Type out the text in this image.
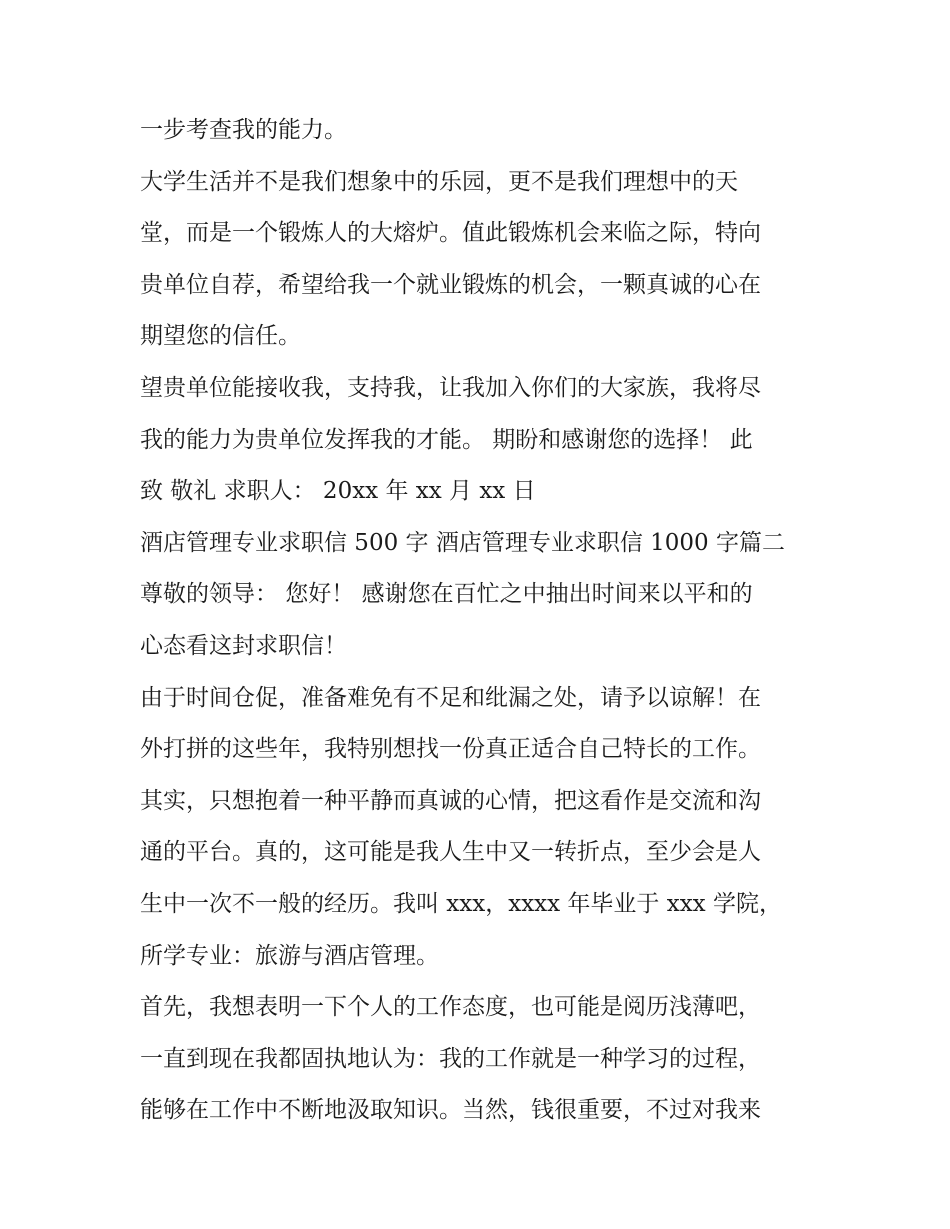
一步考查我的能力。
大学生活并不是我们想象中的乐园，更不是我们理想中的天
堂，而是一个锻炼人的大熔炉。值此锻炼机会来临之际，特向
贵单位自荐，希望给我一个就业锻炼的机会，一颗真诚的心在
期望您的信任。
望贵单位能接收我，支持我，让我加入你们的大家族，我将尽
我的能力为贵单位发挥我的才能。 期盼和感谢您的选择！ 此
致 敬礼 求职人： 20xx 年 xx 月 xx 日
酒店管理专业求职信 500 字 酒店管理专业求职信 1000 字篇二
尊敬的领导： 您好！ 感谢您在百忙之中抽出时间来以平和的
心态看这封求职信！
由于时间仓促，准备难免有不足和纰漏之处，请予以谅解！在
外打拼的这些年，我特别想找一份真正适合自己特长的工作。
其实，只想抱着一种平静而真诚的心情，把这看作是交流和沟
通的平台。真的，这可能是我人生中又一转折点，至少会是人
生中一次不一般的经历。我叫 xxx，xxxx 年毕业于 xxx 学院，
所学专业：旅游与酒店管理。
首先，我想表明一下个人的工作态度，也可能是阅历浅薄吧，
一直到现在我都固执地认为：我的工作就是一种学习的过程，
能够在工作中不断地汲取知识。当然，钱很重要，不过对我来
